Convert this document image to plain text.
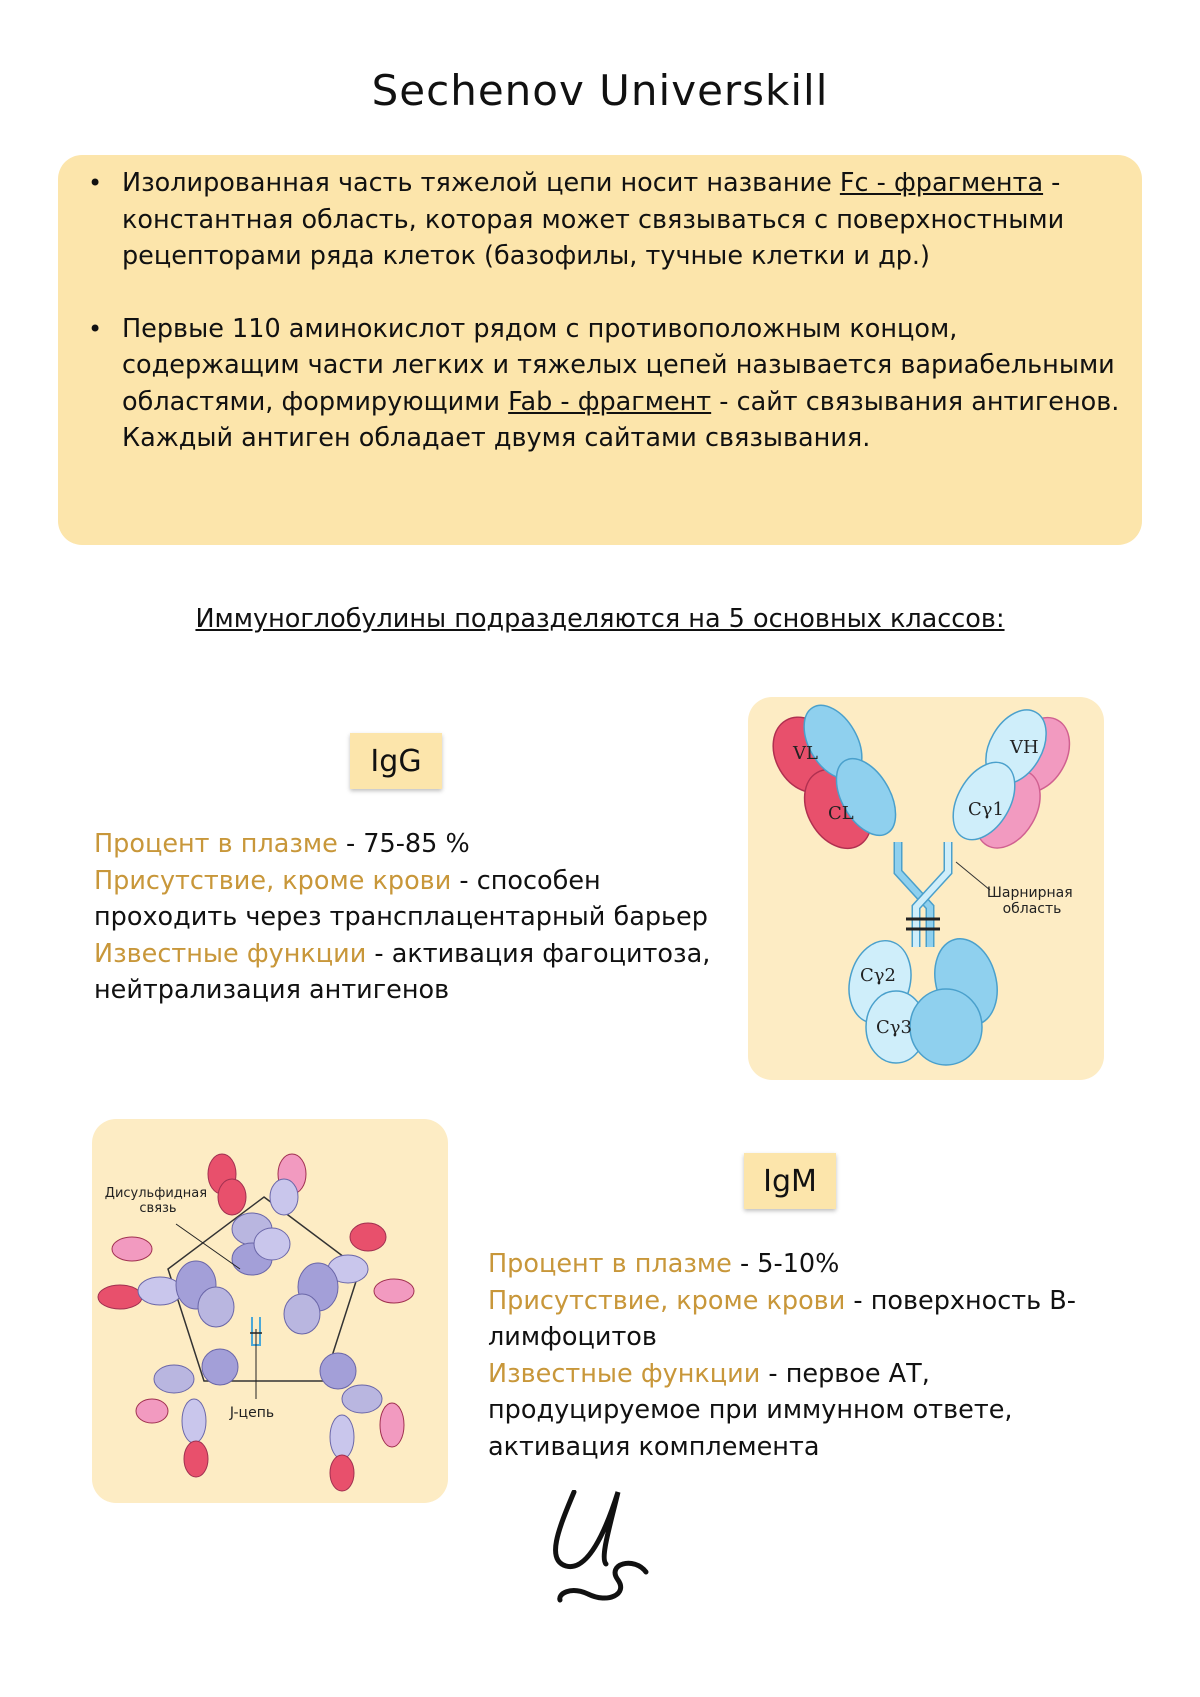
Sechenov Universkill
• Изолированная часть тяжелой цепи носит название Fc - фрагмента - константная область, которая может связываться с поверхностными рецепторами ряда клеток (базофилы, тучные клетки и др.)
• Первые 110 аминокислот рядом с противоположным концом, содержащим части легких и тяжелых цепей называется вариабельными областями, формирующими Fab - фрагмент - сайт связывания антигенов. Каждый антиген обладает двумя сайтами связывания.
Иммуноглобулины подразделяются на 5 основных классов:
IgG
Процент в плазме - 75-85 %
Присутствие, кроме крови - способен проходить через трансплацентарный барьер
Известные функции - активация фагоцитоза, нейтрализация антигенов
VL
CL
VH
Cγ1
Cγ2
Cγ3
Шарнирная область
Дисульфидная связь
J-цепь
IgM
Процент в плазме - 5-10%
Присутствие, кроме крови - поверхность B-лимфоцитов
Известные функции - первое АТ, продуцируемое при иммунном ответе, активация комплемента
